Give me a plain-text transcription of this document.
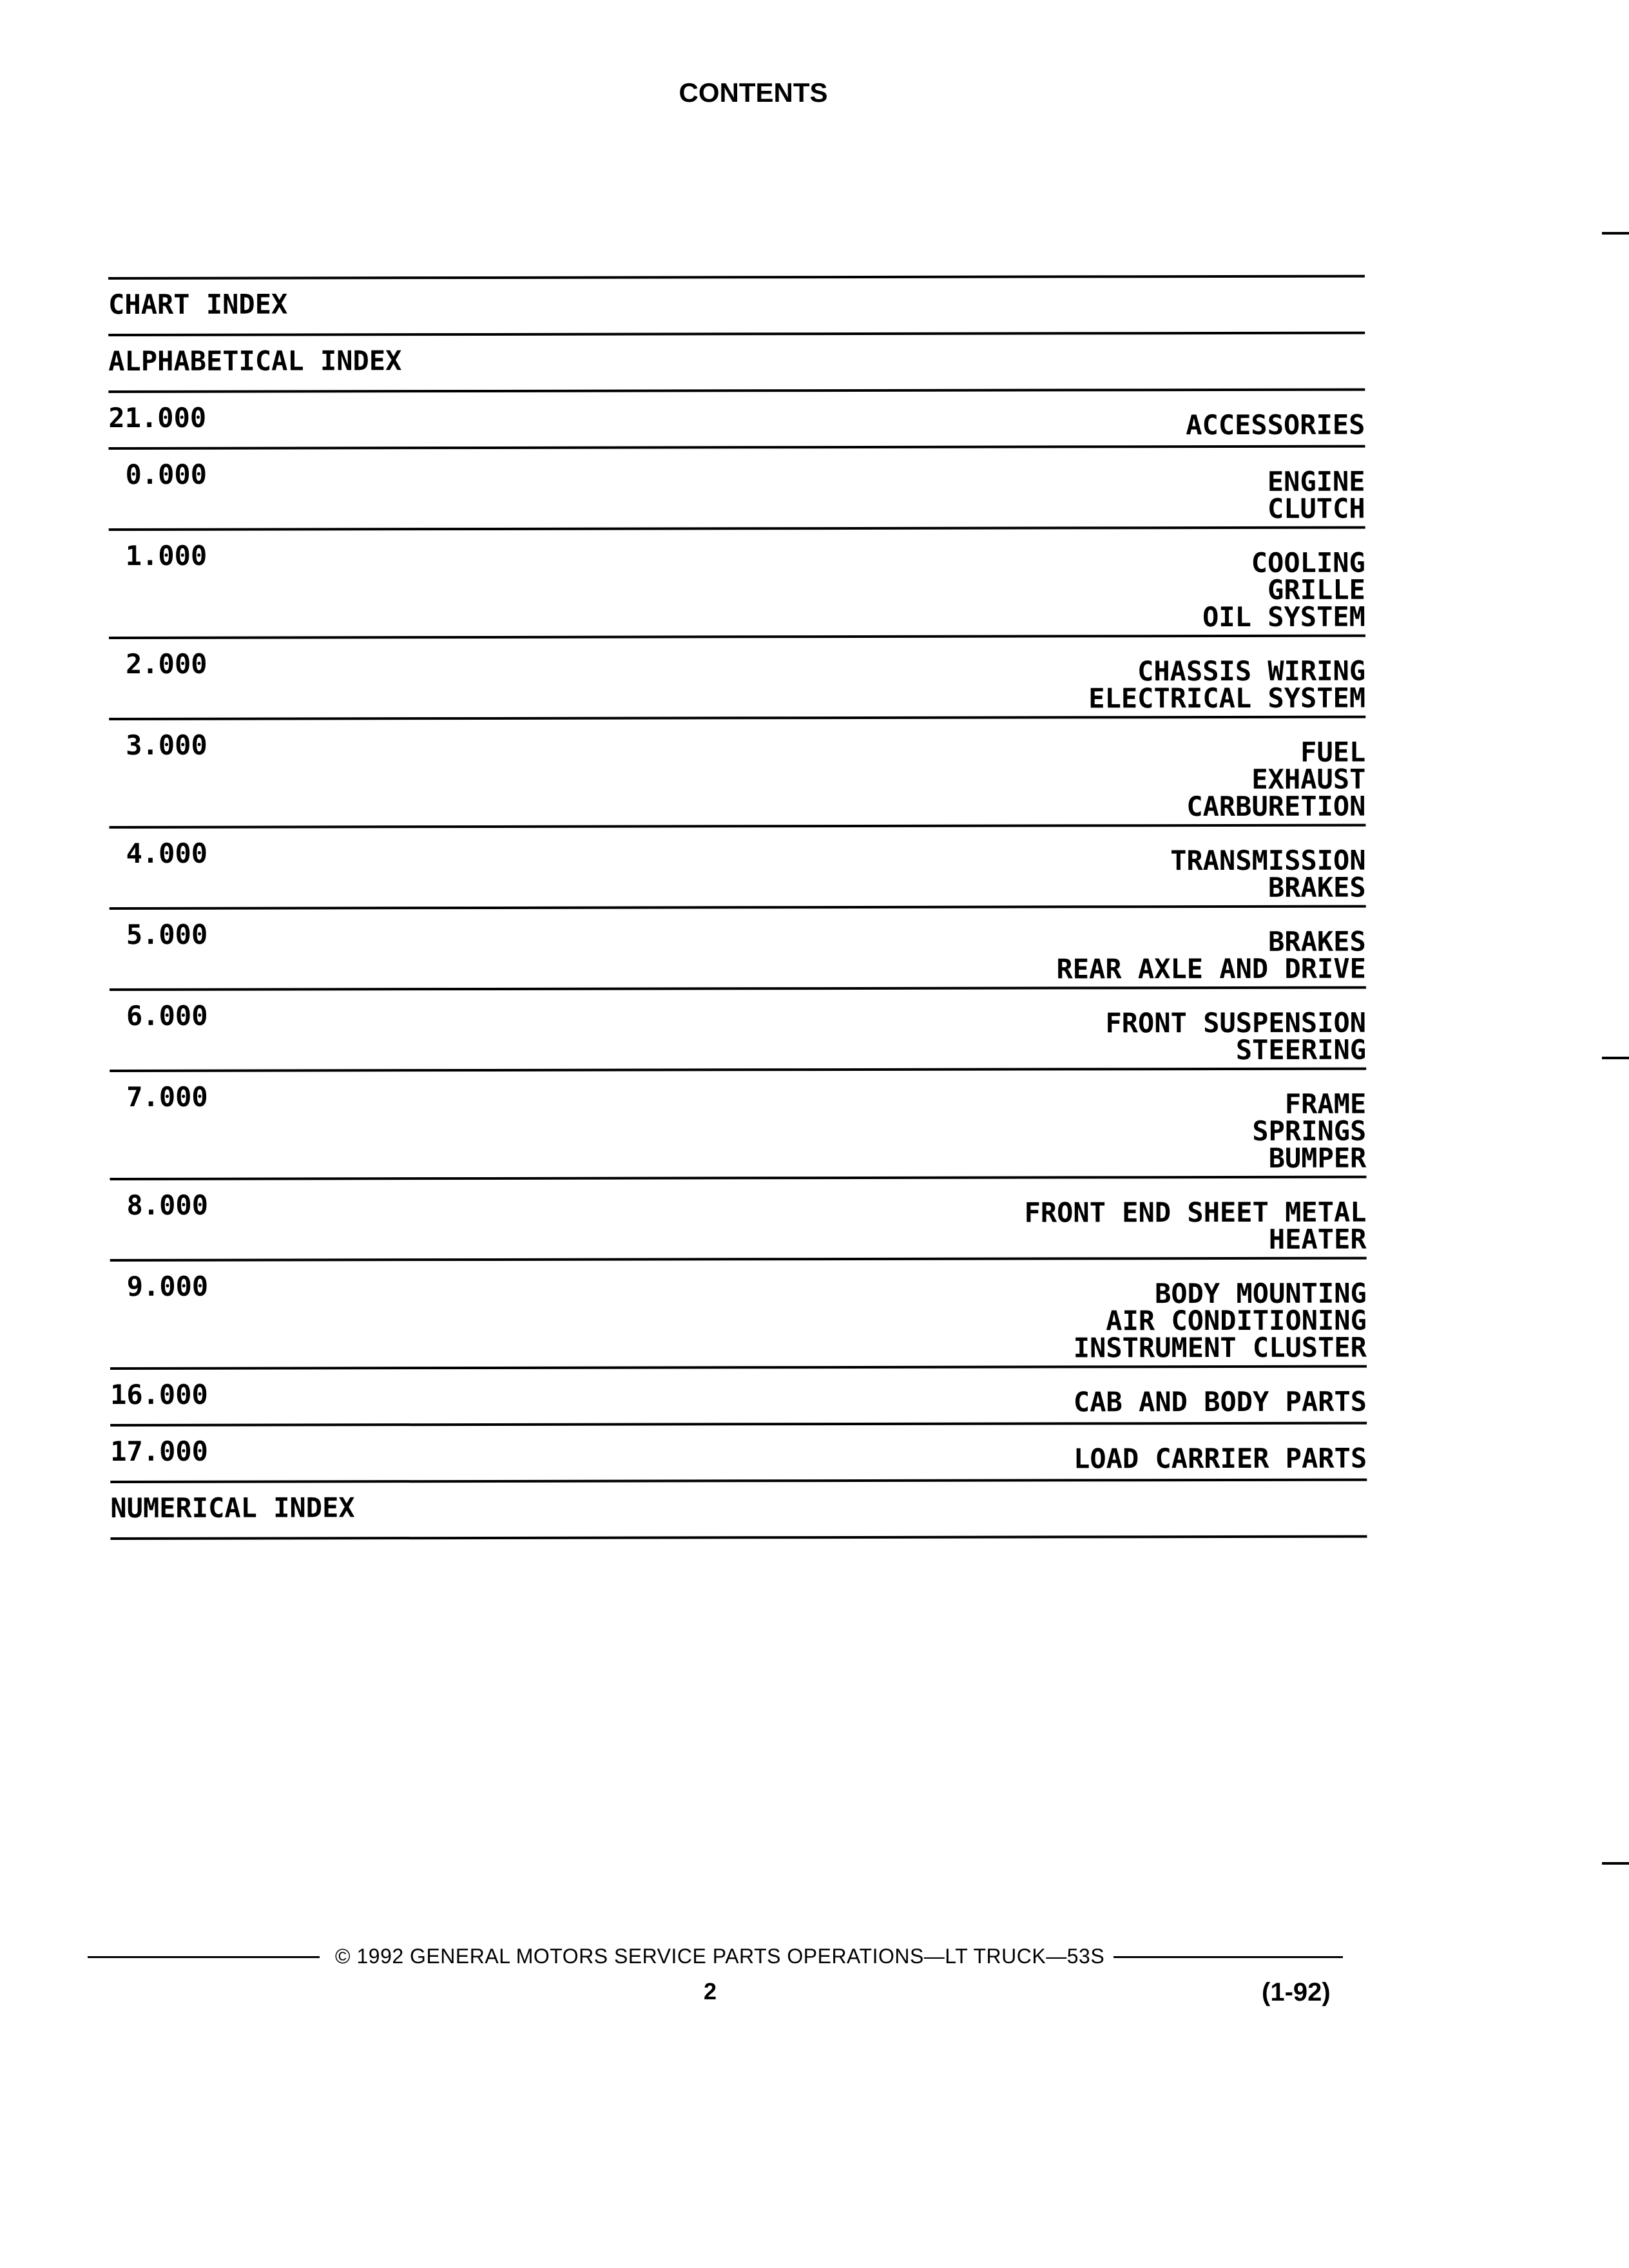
CONTENTS
CHART INDEX
ALPHABETICAL INDEX
21.000	ACCESSORIES
0.000	ENGINE
CLUTCH
1.000	COOLING
GRILLE
OIL SYSTEM
2.000	CHASSIS WIRING
ELECTRICAL SYSTEM
3.000	FUEL
EXHAUST
CARBURETION
4.000	TRANSMISSION
BRAKES
5.000	BRAKES
REAR AXLE AND DRIVE
6.000	FRONT SUSPENSION
STEERING
7.000	FRAME
SPRINGS
BUMPER
8.000	FRONT END SHEET METAL
HEATER
9.000	BODY MOUNTING
AIR CONDITIONING
INSTRUMENT CLUSTER
16.000	CAB AND BODY PARTS
17.000	LOAD CARRIER PARTS
NUMERICAL INDEX
© 1992 GENERAL MOTORS SERVICE PARTS OPERATIONS—LT TRUCK—53S
2	(1-92)
